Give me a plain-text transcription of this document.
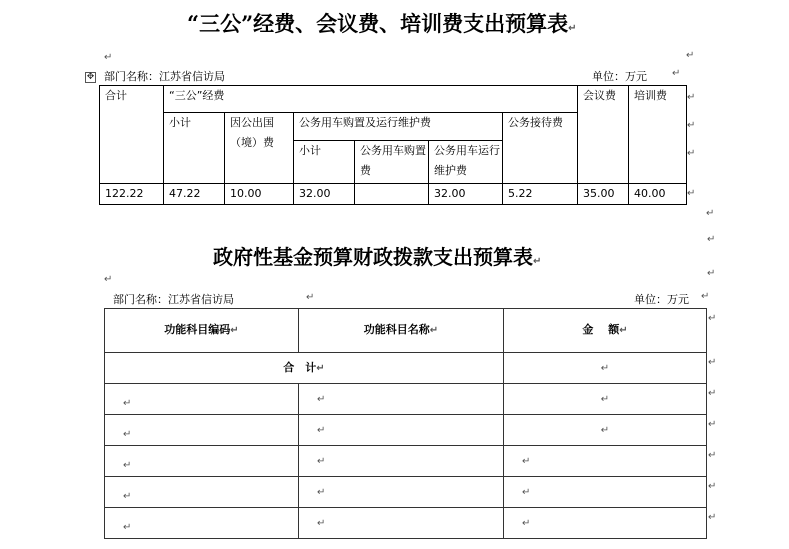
“三公”经费、会议费、培训费支出预算表↵
↵	↵
✥ 部门名称：江苏省信访局	单位：万元	↵
合计	“三公”经费						会议费	培训费
	小计	因公出国（境）费	公务用车购置及运行维护费			公务接待费		
			小计	公务用车购置费	公务用车运行维护费			
122.22	47.22	10.00	32.00		32.00	5.22	35.00	40.00
↵
↵
↵
↵
↵
政府性基金预算财政拨款支出预算表↵
↵
↵
↵
部门名称：江苏省信访局	↵	单位：万元 ↵
功能科目编码↵	功能科目名称↵	金　 额↵
合　计↵		↵
↵	↵	↵
↵	↵	↵
↵	↵	↵
↵	↵	↵
↵	↵	↵
↵
↵
↵
↵
↵
↵
↵
